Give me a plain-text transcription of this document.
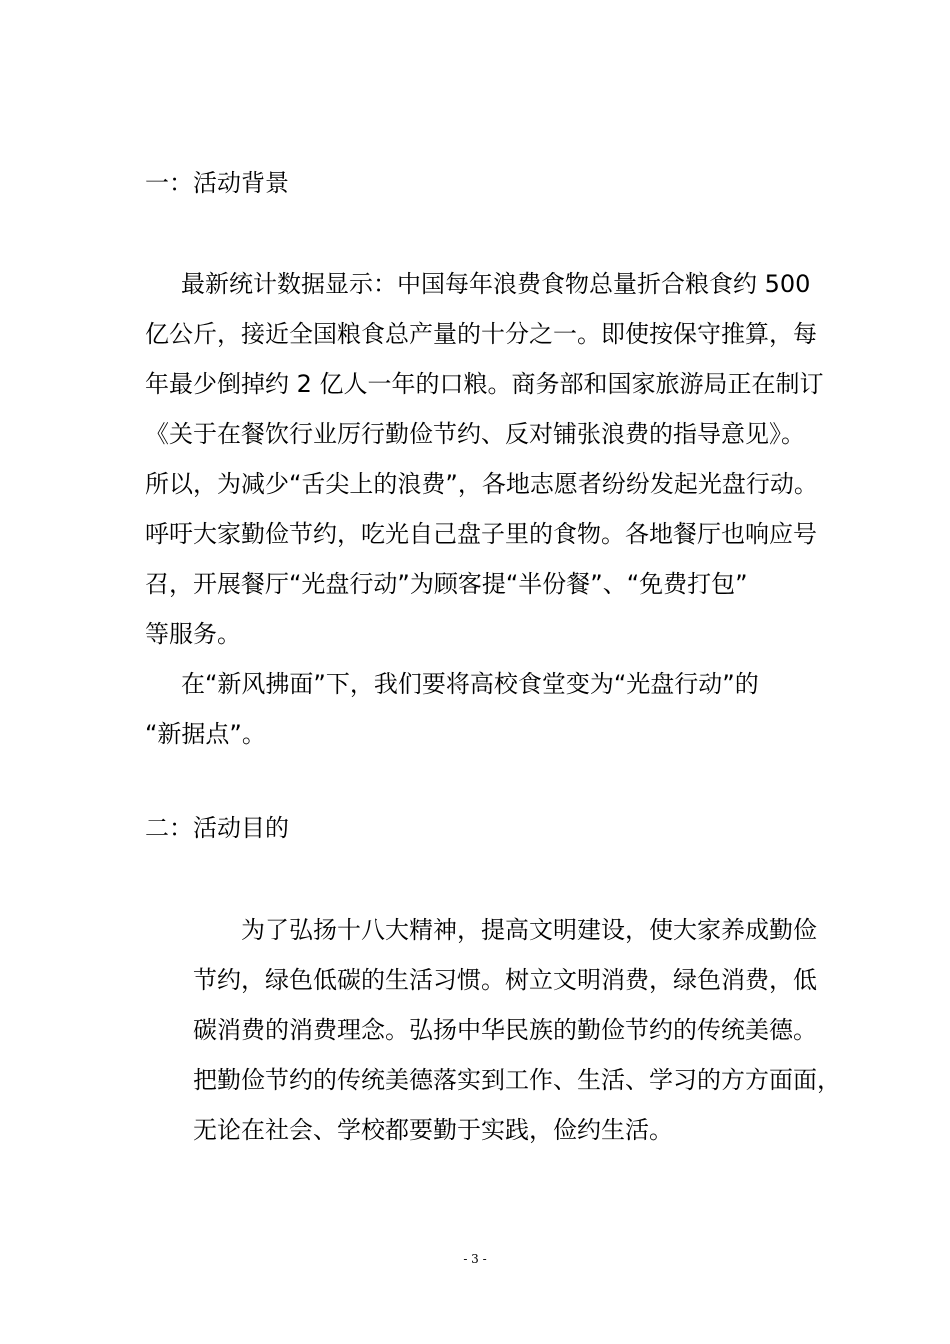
一：活动背景
最新统计数据显示：中国每年浪费食物总量折合粮食约 500
亿公斤，接近全国粮食总产量的十分之一。即使按保守推算，每
年最少倒掉约 2 亿人一年的口粮。商务部和国家旅游局正在制订
《关于在餐饮行业厉行勤俭节约、反对铺张浪费的指导意见》。
所以，为减少“舌尖上的浪费”，各地志愿者纷纷发起光盘行动。
呼吁大家勤俭节约，吃光自己盘子里的食物。各地餐厅也响应号
召，开展餐厅“光盘行动”为顾客提“半份餐”、“免费打包”
等服务。
在“新风拂面”下，我们要将高校食堂变为“光盘行动”的
“新据点”。
二：活动目的
为了弘扬十八大精神，提高文明建设，使大家养成勤俭
节约，绿色低碳的生活习惯。树立文明消费，绿色消费，低
碳消费的消费理念。弘扬中华民族的勤俭节约的传统美德。
把勤俭节约的传统美德落实到工作、生活、学习的方方面面，
无论在社会、学校都要勤于实践，俭约生活。
- 3 -
